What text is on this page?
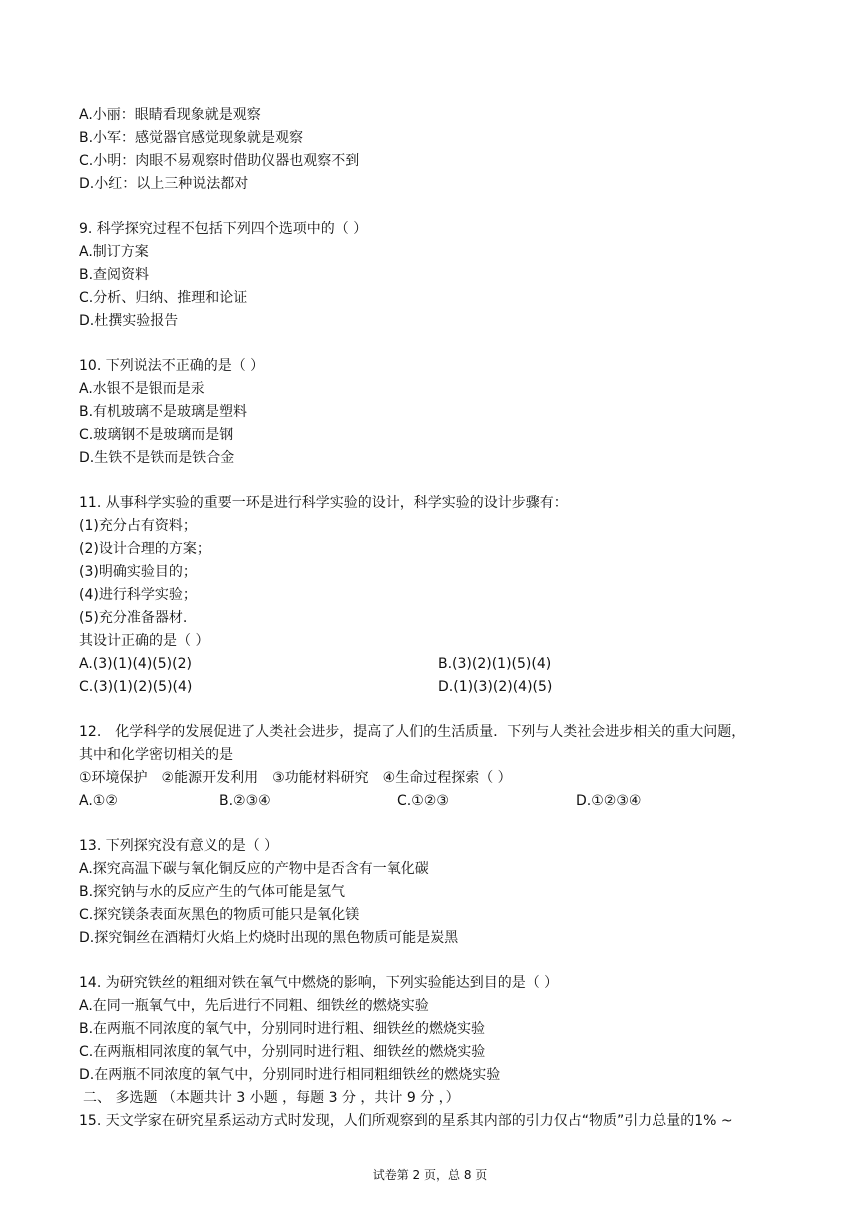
A.小丽：眼睛看现象就是观察
B.小军：感觉器官感觉现象就是观察
C.小明：肉眼不易观察时借助仪器也观察不到
D.小红：以上三种说法都对
9. 科学探究过程不包括下列四个选项中的（ ）
A.制订方案
B.查阅资料
C.分析、归纳、推理和论证
D.杜撰实验报告
10. 下列说法不正确的是（ ）
A.水银不是银而是汞
B.有机玻璃不是玻璃是塑料
C.玻璃钢不是玻璃而是钢
D.生铁不是铁而是铁合金
11. 从事科学实验的重要一环是进行科学实验的设计，科学实验的设计步骤有：
(1)充分占有资料；
(2)设计合理的方案；
(3)明确实验目的；
(4)进行科学实验；
(5)充分准备器材.
其设计正确的是（ ）
A.(3)(1)(4)(5)(2)	B.(3)(2)(1)(5)(4)
C.(3)(1)(2)(5)(4)	D.(1)(3)(2)(4)(5)
12.　化学科学的发展促进了人类社会进步，提高了人们的生活质量．下列与人类社会进步相关的重大问题，
其中和化学密切相关的是
①环境保护　②能源开发利用　③功能材料研究　④生命过程探索（ ）
A.①②	B.②③④	C.①②③	D.①②③④
13. 下列探究没有意义的是（ ）
A.探究高温下碳与氧化铜反应的产物中是否含有一氧化碳
B.探究钠与水的反应产生的气体可能是氢气
C.探究镁条表面灰黑色的物质可能只是氧化镁
D.探究铜丝在酒精灯火焰上灼烧时出现的黑色物质可能是炭黑
14. 为研究铁丝的粗细对铁在氧气中燃烧的影响，下列实验能达到目的是（ ）
A.在同一瓶氧气中，先后进行不同粗、细铁丝的燃烧实验
B.在两瓶不同浓度的氧气中，分别同时进行粗、细铁丝的燃烧实验
C.在两瓶相同浓度的氧气中，分别同时进行粗、细铁丝的燃烧实验
D.在两瓶不同浓度的氧气中，分别同时进行相同粗细铁丝的燃烧实验
二、 多选题 （本题共计 3 小题 ，每题 3 分 ，共计 9 分 ，）
15. 天文学家在研究星系运动方式时发现，人们所观察到的星系其内部的引力仅占“物质”引力总量的1% ~
试卷第 2 页，总 8 页
